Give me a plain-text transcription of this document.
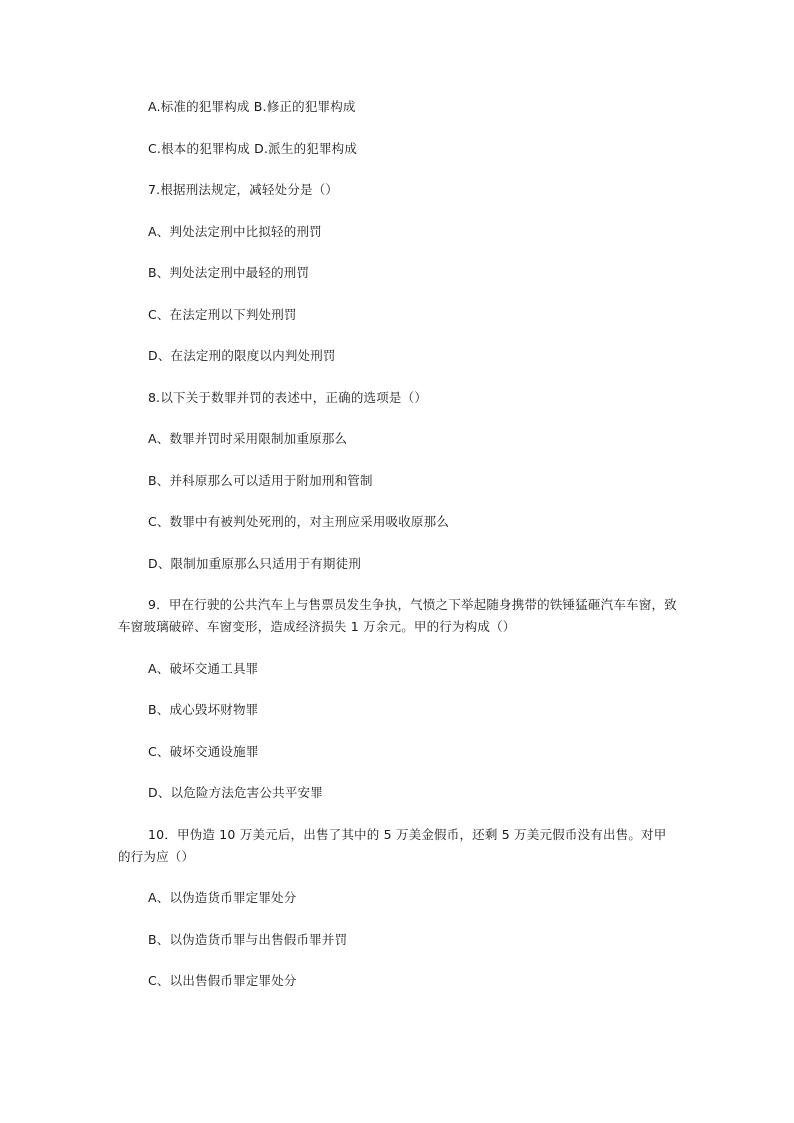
A.标准的犯罪构成 B.修正的犯罪构成
C.根本的犯罪构成 D.派生的犯罪构成
7.根据刑法规定，减轻处分是（）
A、判处法定刑中比拟轻的刑罚
B、判处法定刑中最轻的刑罚
C、在法定刑以下判处刑罚
D、在法定刑的限度以内判处刑罚
8.以下关于数罪并罚的表述中，正确的选项是（）
A、数罪并罚时采用限制加重原那么
B、并科原那么可以适用于附加刑和管制
C、数罪中有被判处死刑的，对主刑应采用吸收原那么
D、限制加重原那么只适用于有期徒刑
9．甲在行驶的公共汽车上与售票员发生争执，气愤之下举起随身携带的铁锤猛砸汽车车窗，致车窗玻璃破碎、车窗变形，造成经济损失 1 万余元。甲的行为构成（）
A、破坏交通工具罪
B、成心毁坏财物罪
C、破坏交通设施罪
D、以危险方法危害公共平安罪
10．甲伪造 10 万美元后，出售了其中的 5 万美金假币，还剩 5 万美元假币没有出售。对甲的行为应（）
A、以伪造货币罪定罪处分
B、以伪造货币罪与出售假币罪并罚
C、以出售假币罪定罪处分
